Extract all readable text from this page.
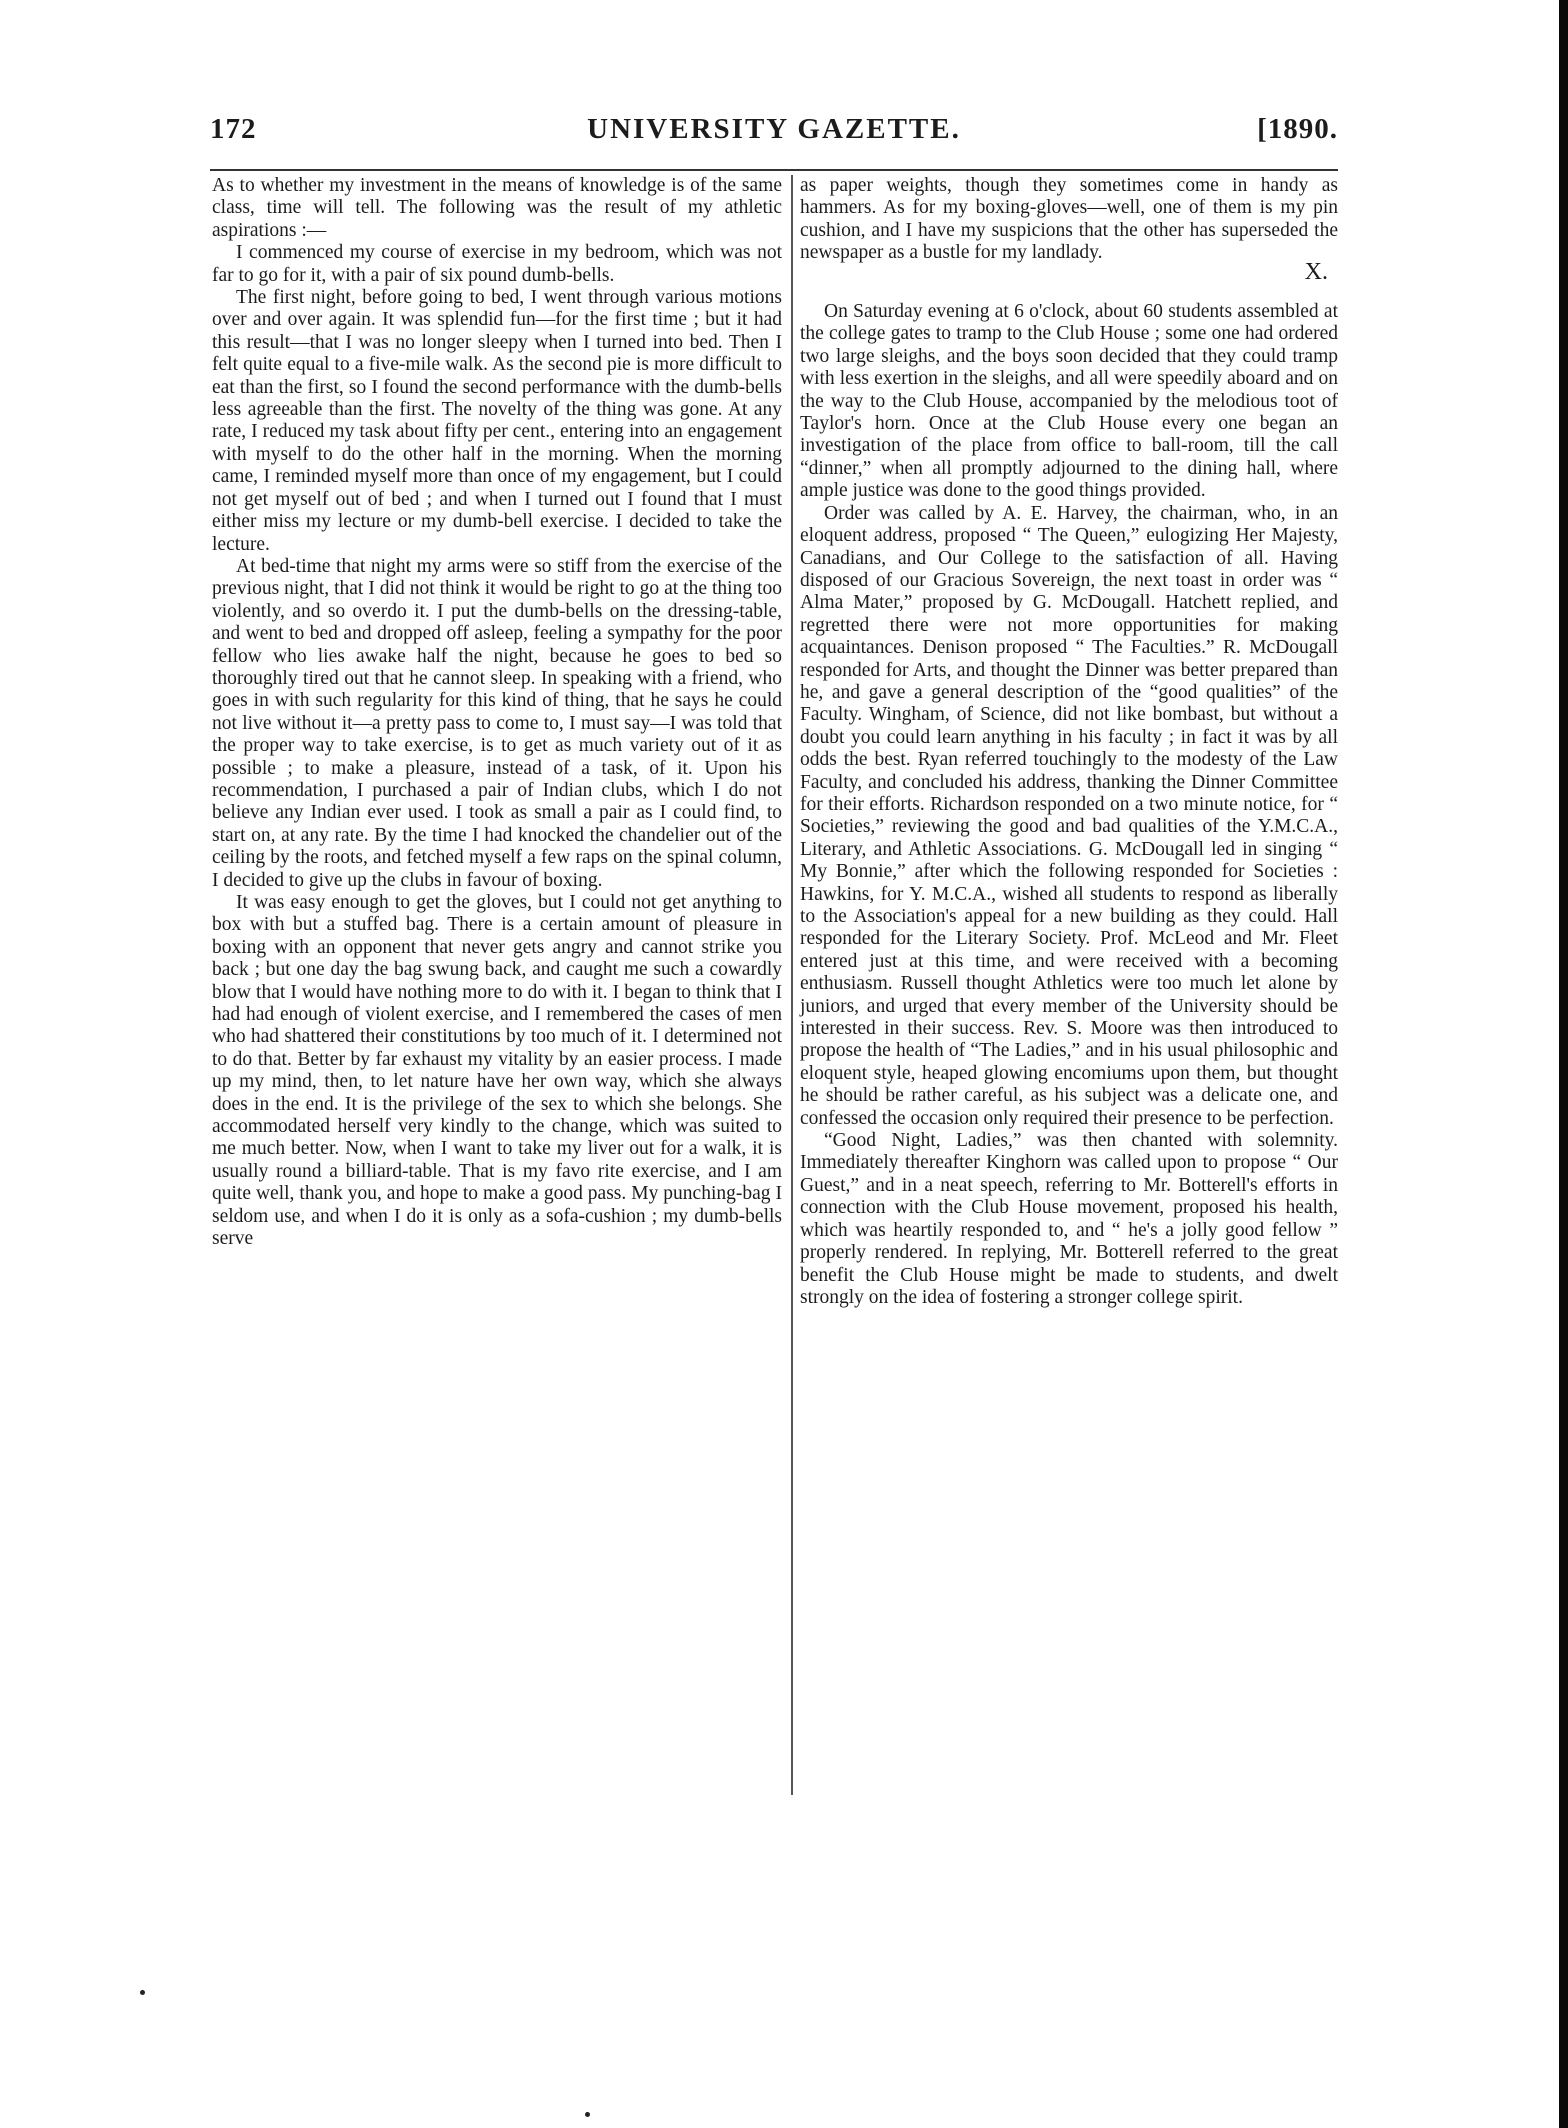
UNIVERSITY GAZETTE.
172	[1890.

As to whether my investment in the means of knowledge is of the same class, time will tell. The following was the result of my athletic aspirations :—

I commenced my course of exercise in my bedroom, which was not far to go for it, with a pair of six pound dumb-bells.

The first night, before going to bed, I went through various motions over and over again. It was splendid fun—for the first time ; but it had this result—that I was no longer sleepy when I turned into bed. Then I felt quite equal to a five-mile walk. As the second pie is more difficult to eat than the first, so I found the second performance with the dumb-bells less agreeable than the first. The novelty of the thing was gone. At any rate, I reduced my task about fifty per cent., entering into an engagement with myself to do the other half in the morning. When the morning came, I reminded myself more than once of my engagement, but I could not get myself out of bed ; and when I turned out I found that I must either miss my lecture or my dumb-bell exercise. I decided to take the lecture.

At bed-time that night my arms were so stiff from the exercise of the previous night, that I did not think it would be right to go at the thing too violently, and so overdo it. I put the dumb-bells on the dressing-table, and went to bed and dropped off asleep, feeling a sympathy for the poor fellow who lies awake half the night, because he goes to bed so thoroughly tired out that he cannot sleep. In speaking with a friend, who goes in with such regularity for this kind of thing, that he says he could not live without it—a pretty pass to come to, I must say—I was told that the proper way to take exercise, is to get as much variety out of it as possible ; to make a pleasure, instead of a task, of it. Upon his recommendation, I purchased a pair of Indian clubs, which I do not believe any Indian ever used. I took as small a pair as I could find, to start on, at any rate. By the time I had knocked the chandelier out of the ceiling by the roots, and fetched myself a few raps on the spinal column, I decided to give up the clubs in favour of boxing.

It was easy enough to get the gloves, but I could not get anything to box with but a stuffed bag. There is a certain amount of pleasure in boxing with an opponent that never gets angry and cannot strike you back ; but one day the bag swung back, and caught me such a cowardly blow that I would have nothing more to do with it. I began to think that I had had enough of violent exercise, and I remembered the cases of men who had shattered their constitutions by too much of it. I determined not to do that. Better by far exhaust my vitality by an easier process. I made up my mind, then, to let nature have her own way, which she always does in the end. It is the privilege of the sex to which she belongs. She accommodated herself very kindly to the change, which was suited to me much better. Now, when I want to take my liver out for a walk, it is usually round a billiard-table. That is my favo rite exercise, and I am quite well, thank you, and hope to make a good pass. My punching-bag I seldom use, and when I do it is only as a sofa-cushion ; my dumb-bells serve

as paper weights, though they sometimes come in handy as hammers. As for my boxing-gloves—well, one of them is my pin cushion, and I have my suspicions that the other has superseded the newspaper as a bustle for my landlady.

X.

On Saturday evening at 6 o'clock, about 60 students assembled at the college gates to tramp to the Club House ; some one had ordered two large sleighs, and the boys soon decided that they could tramp with less exertion in the sleighs, and all were speedily aboard and on the way to the Club House, accompanied by the melodious toot of Taylor's horn. Once at the Club House every one began an investigation of the place from office to ball-room, till the call “dinner,” when all promptly adjourned to the dining hall, where ample justice was done to the good things provided.

Order was called by A. E. Harvey, the chairman, who, in an eloquent address, proposed “ The Queen,” eulogizing Her Majesty, Canadians, and Our College to the satisfaction of all. Having disposed of our Gracious Sovereign, the next toast in order was “ Alma Mater,” proposed by G. McDougall. Hatchett replied, and regretted there were not more opportunities for making acquaintances. Denison proposed “ The Faculties.” R. McDougall responded for Arts, and thought the Dinner was better prepared than he, and gave a general description of the “good qualities” of the Faculty. Wingham, of Science, did not like bombast, but without a doubt you could learn anything in his faculty ; in fact it was by all odds the best. Ryan referred touchingly to the modesty of the Law Faculty, and concluded his address, thanking the Dinner Committee for their efforts. Richardson responded on a two minute notice, for “ Societies,” reviewing the good and bad qualities of the Y.M.C.A., Literary, and Athletic Associations. G. McDougall led in singing “ My Bonnie,” after which the following responded for Societies : Hawkins, for Y. M.C.A., wished all students to respond as liberally to the Association's appeal for a new building as they could. Hall responded for the Literary Society. Prof. McLeod and Mr. Fleet entered just at this time, and were received with a becoming enthusiasm. Russell thought Athletics were too much let alone by juniors, and urged that every member of the University should be interested in their success. Rev. S. Moore was then introduced to propose the health of “The Ladies,” and in his usual philosophic and eloquent style, heaped glowing encomiums upon them, but thought he should be rather careful, as his subject was a delicate one, and confessed the occasion only required their presence to be perfection.

“Good Night, Ladies,” was then chanted with solemnity. Immediately thereafter Kinghorn was called upon to propose “ Our Guest,” and in a neat speech, referring to Mr. Botterell's efforts in connection with the Club House movement, proposed his health, which was heartily responded to, and “ he's a jolly good fellow ” properly rendered. In replying, Mr. Botterell referred to the great benefit the Club House might be made to students, and dwelt strongly on the idea of fostering a stronger college spirit.
